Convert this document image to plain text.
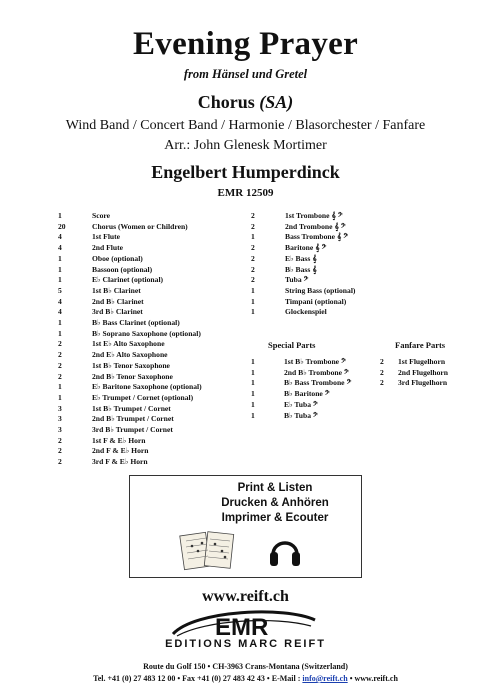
Evening Prayer
from Hänsel und Gretel
Chorus (SA)
Wind Band / Concert Band / Harmonie / Blasorchester / Fanfare
Arr.: John Glenesk Mortimer
Engelbert Humperdinck
EMR 12509
1	Score
20	Chorus (Women or Children)
4	1st Flute
4	2nd Flute
1	Oboe (optional)
1	Bassoon (optional)
1	E♭ Clarinet (optional)
5	1st B♭ Clarinet
4	2nd B♭ Clarinet
4	3rd B♭ Clarinet
1	B♭ Bass Clarinet (optional)
1	B♭ Soprano Saxophone (optional)
2	1st E♭ Alto Saxophone
2	2nd E♭ Alto Saxophone
2	1st B♭ Tenor Saxophone
2	2nd B♭ Tenor Saxophone
1	E♭ Baritone Saxophone (optional)
1	E♭ Trumpet / Cornet (optional)
3	1st B♭ Trumpet / Cornet
3	2nd B♭ Trumpet / Cornet
3	3rd B♭ Trumpet / Cornet
2	1st F & E♭ Horn
2	2nd F & E♭ Horn
2	3rd F & E♭ Horn
2	1st Trombone 𝄞 𝄢
2	2nd Trombone 𝄞 𝄢
1	Bass Trombone 𝄞 𝄢
2	Baritone 𝄞 𝄢
2	E♭ Bass 𝄞
2	B♭ Bass 𝄞
2	Tuba 𝄢
1	String Bass (optional)
1	Timpani (optional)
1	Glockenspiel
Special Parts	Fanfare Parts
1	1st B♭ Trombone 𝄢
1	2nd B♭ Trombone 𝄢
1	B♭ Bass Trombone 𝄢
1	B♭ Baritone 𝄢
1	E♭ Tuba 𝄢
1	B♭ Tuba 𝄢
2	1st Flugelhorn
2	2nd Flugelhorn
2	3rd Flugelhorn
Print & Listen
Drucken & Anhören
Imprimer & Ecouter
www.reift.ch
EMR
EDITIONS MARC REIFT
Route du Golf 150 • CH-3963 Crans-Montana (Switzerland)
Tel. +41 (0) 27 483 12 00 • Fax +41 (0) 27 483 42 43 • E-Mail : info@reift.ch • www.reift.ch
